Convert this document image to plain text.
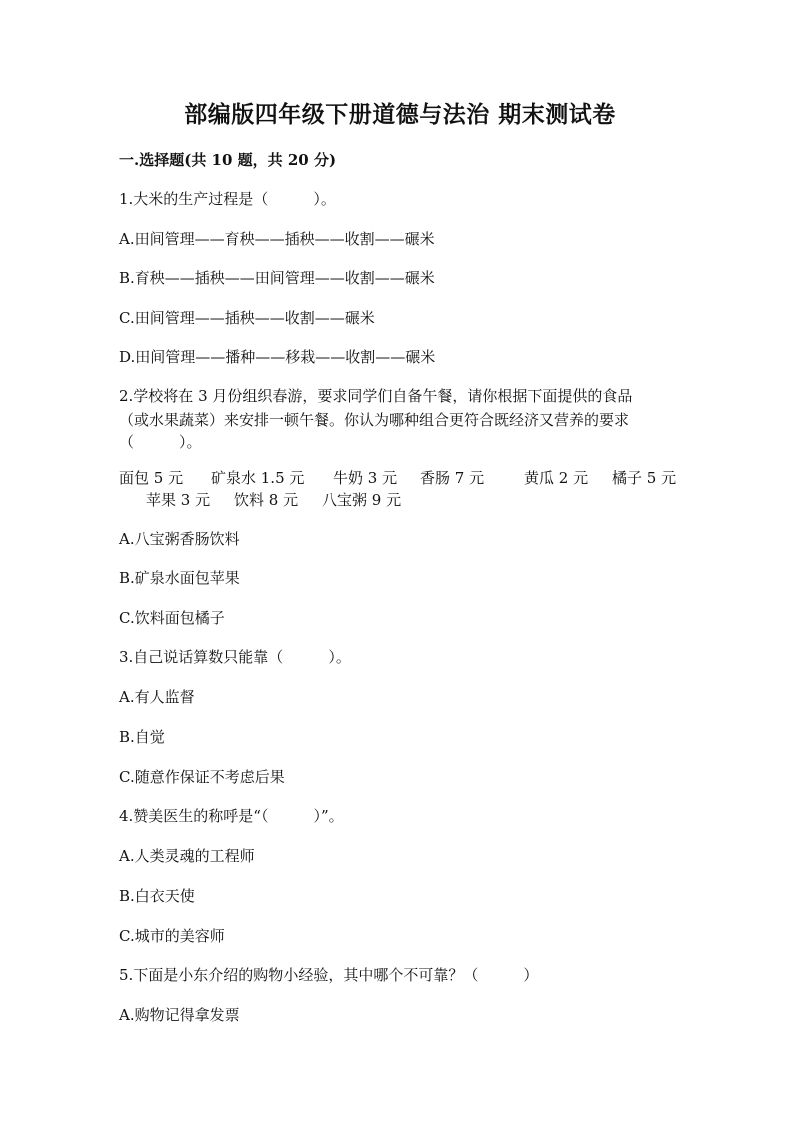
部编版四年级下册道德与法治 期末测试卷
一.选择题(共 10 题，共 20 分)
1.大米的生产过程是（　　　）。
A.田间管理——育秧——插秧——收割——碾米
B.育秧——插秧——田间管理——收割——碾米
C.田间管理——插秧——收割——碾米
D.田间管理——播种——移栽——收割——碾米
2.学校将在 3 月份组织春游，要求同学们自备午餐，请你根据下面提供的食品
（或水果蔬菜）来安排一顿午餐。你认为哪种组合更符合既经济又营养的要求
（　　　）。
面包 5 元 矿泉水 1.5 元 牛奶 3 元 香肠 7 元	黄瓜 2 元 橘子 5 元
苹果 3 元 饮料 8 元 八宝粥 9 元
A.八宝粥香肠饮料
B.矿泉水面包苹果
C.饮料面包橘子
3.自己说话算数只能靠（　　　）。
A.有人监督
B.自觉
C.随意作保证不考虑后果
4.赞美医生的称呼是“（　　　）”。
A.人类灵魂的工程师
B.白衣天使
C.城市的美容师
5.下面是小东介绍的购物小经验，其中哪个不可靠？（　　　）
A.购物记得拿发票
